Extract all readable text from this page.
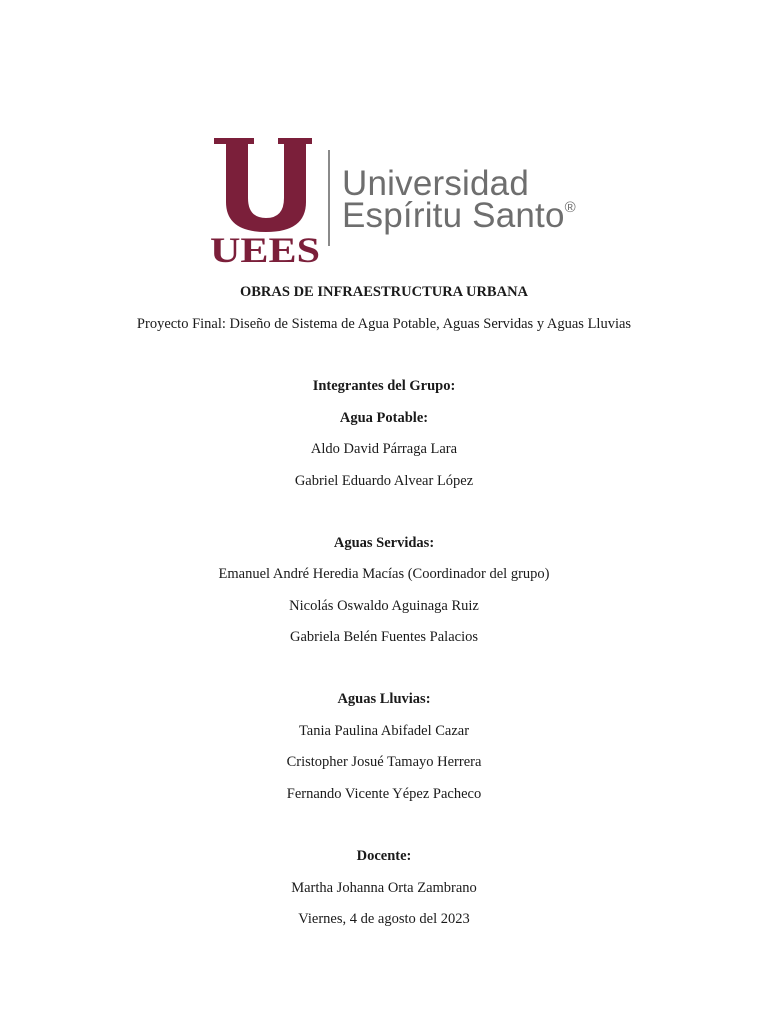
UEES
Universidad
Espíritu Santo®
OBRAS DE INFRAESTRUCTURA URBANA
Proyecto Final: Diseño de Sistema de Agua Potable, Aguas Servidas y Aguas Lluvias
Integrantes del Grupo:
Agua Potable:
Aldo David Párraga Lara
Gabriel Eduardo Alvear López
Aguas Servidas:
Emanuel André Heredia Macías (Coordinador del grupo)
Nicolás Oswaldo Aguinaga Ruiz
Gabriela Belén Fuentes Palacios
Aguas Lluvias:
Tania Paulina Abifadel Cazar
Cristopher Josué Tamayo Herrera
Fernando Vicente Yépez Pacheco
Docente:
Martha Johanna Orta Zambrano
Viernes, 4 de agosto del 2023
